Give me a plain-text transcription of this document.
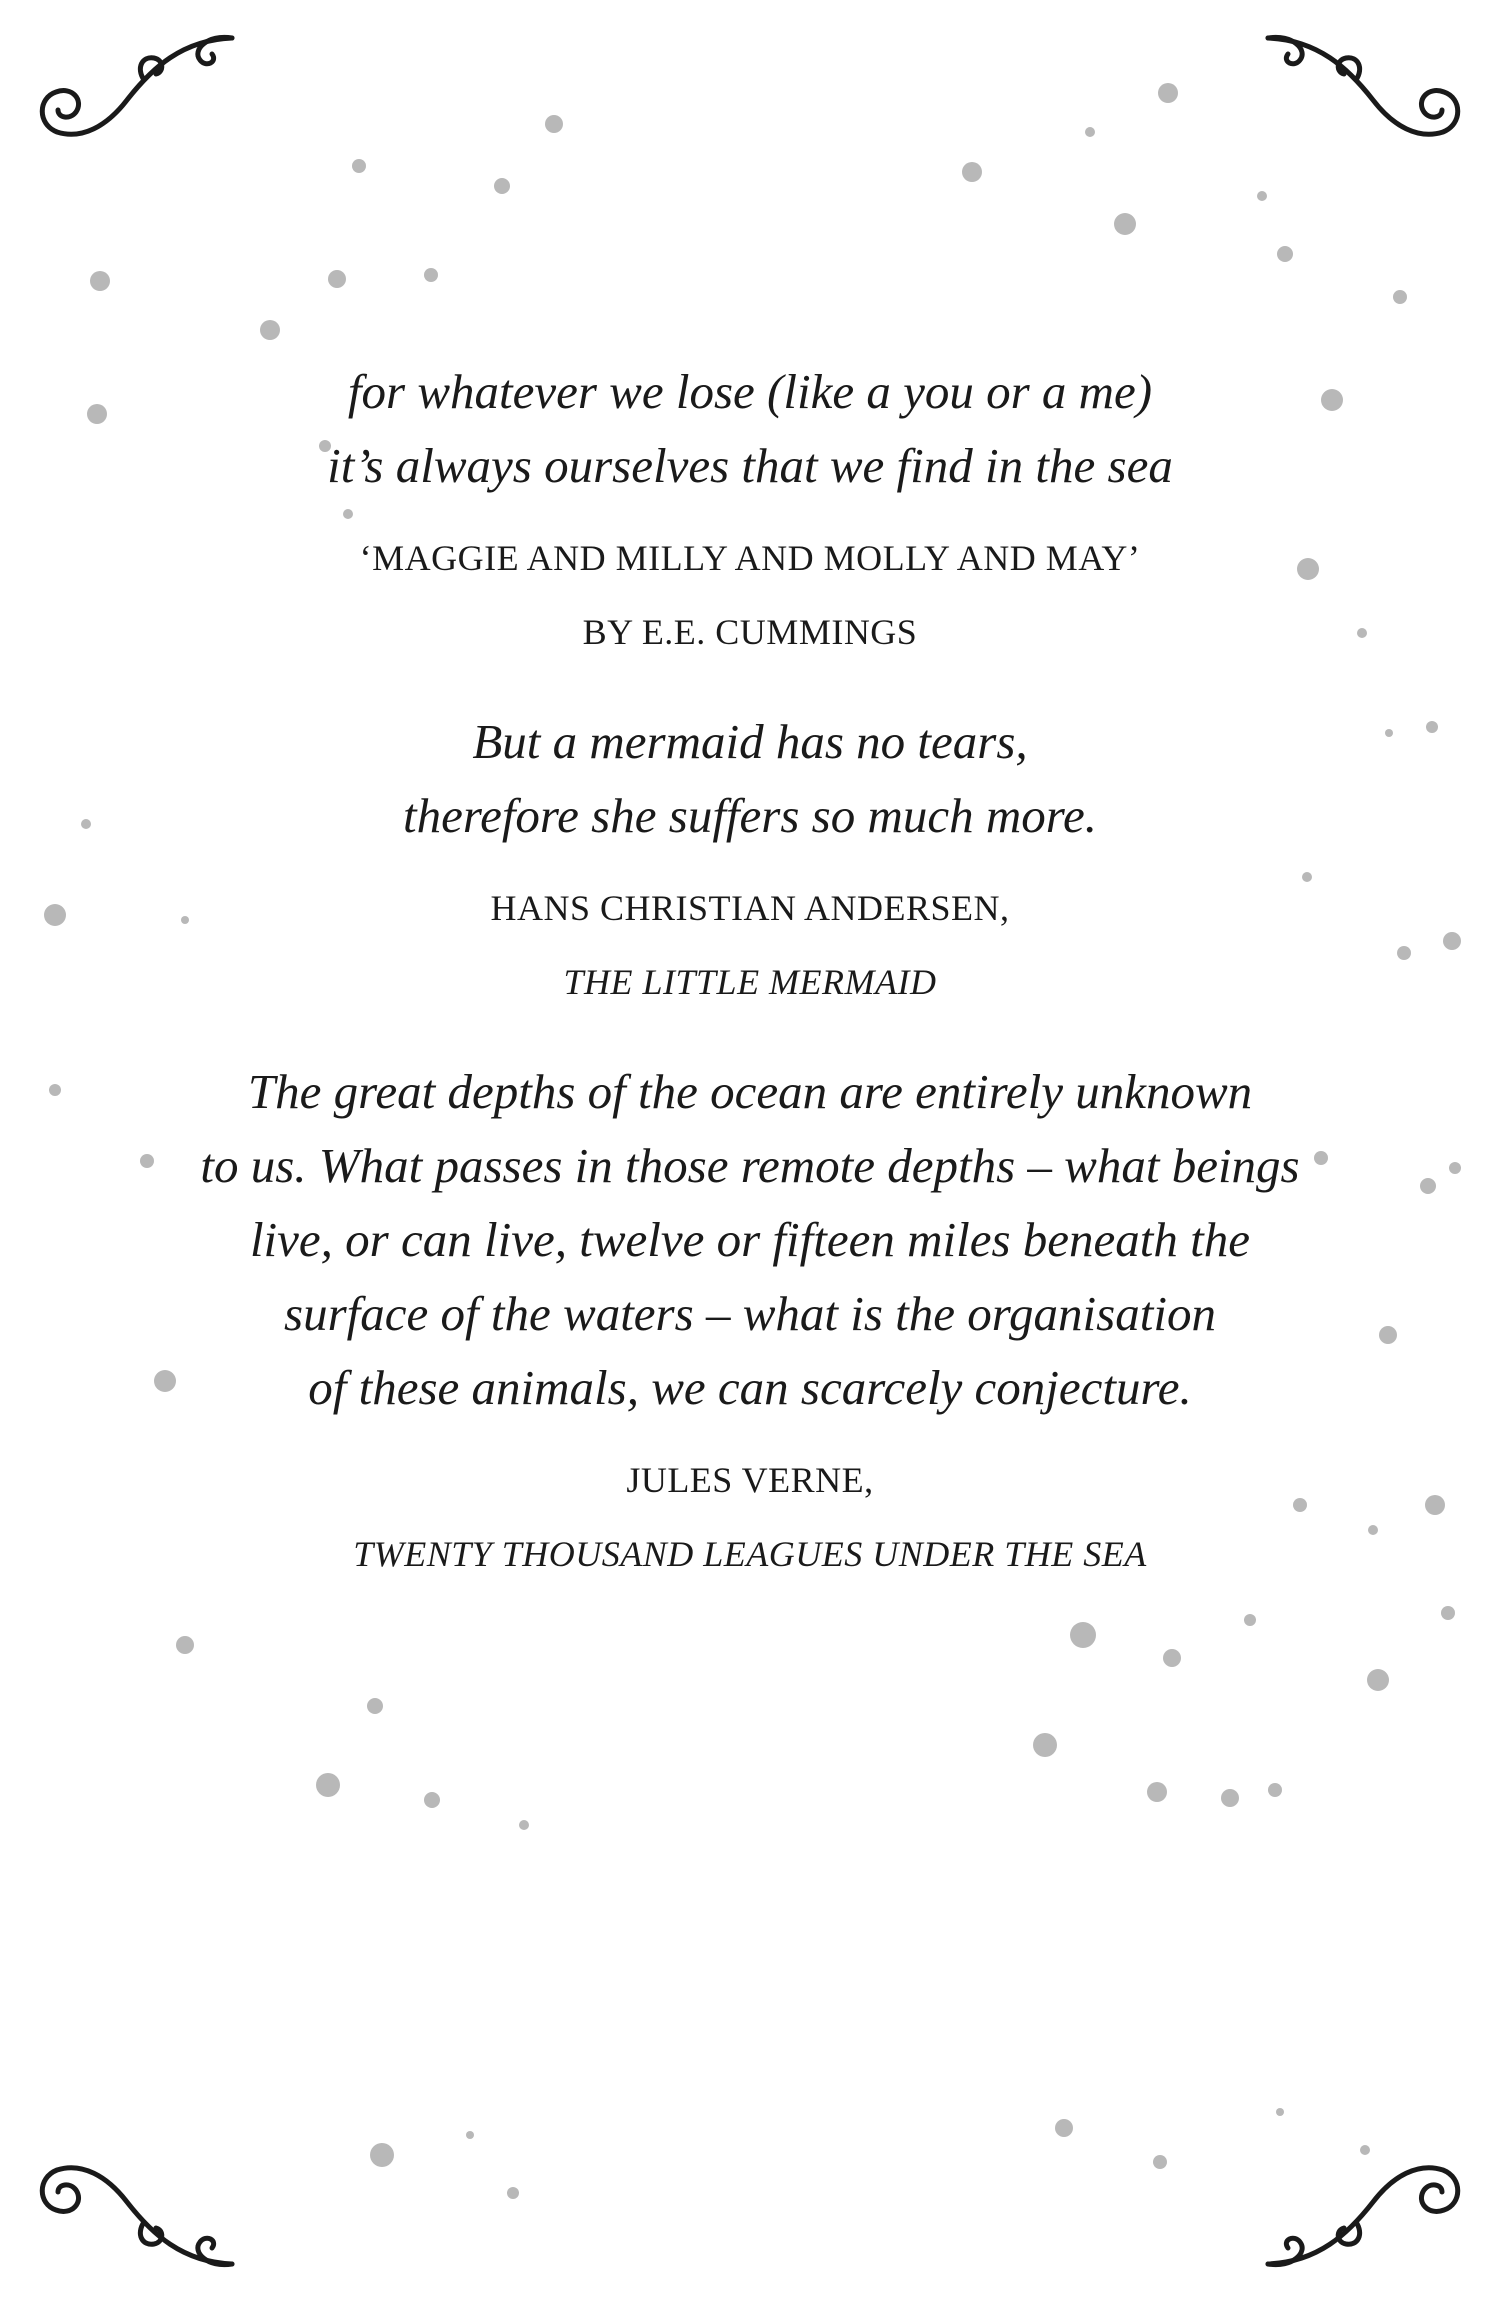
for whatever we lose (like a you or a me)
it’s always ourselves that we find in the sea

‘MAGGIE AND MILLY AND MOLLY AND MAY’

BY E.E. CUMMINGS

But a mermaid has no tears,
therefore she suffers so much more.

HANS CHRISTIAN ANDERSEN,

THE LITTLE MERMAID

The great depths of the ocean are entirely unknown
to us. What passes in those remote depths – what beings
live, or can live, twelve or fifteen miles beneath the
surface of the waters – what is the organisation
of these animals, we can scarcely conjecture.

JULES VERNE,

TWENTY THOUSAND LEAGUES UNDER THE SEA
